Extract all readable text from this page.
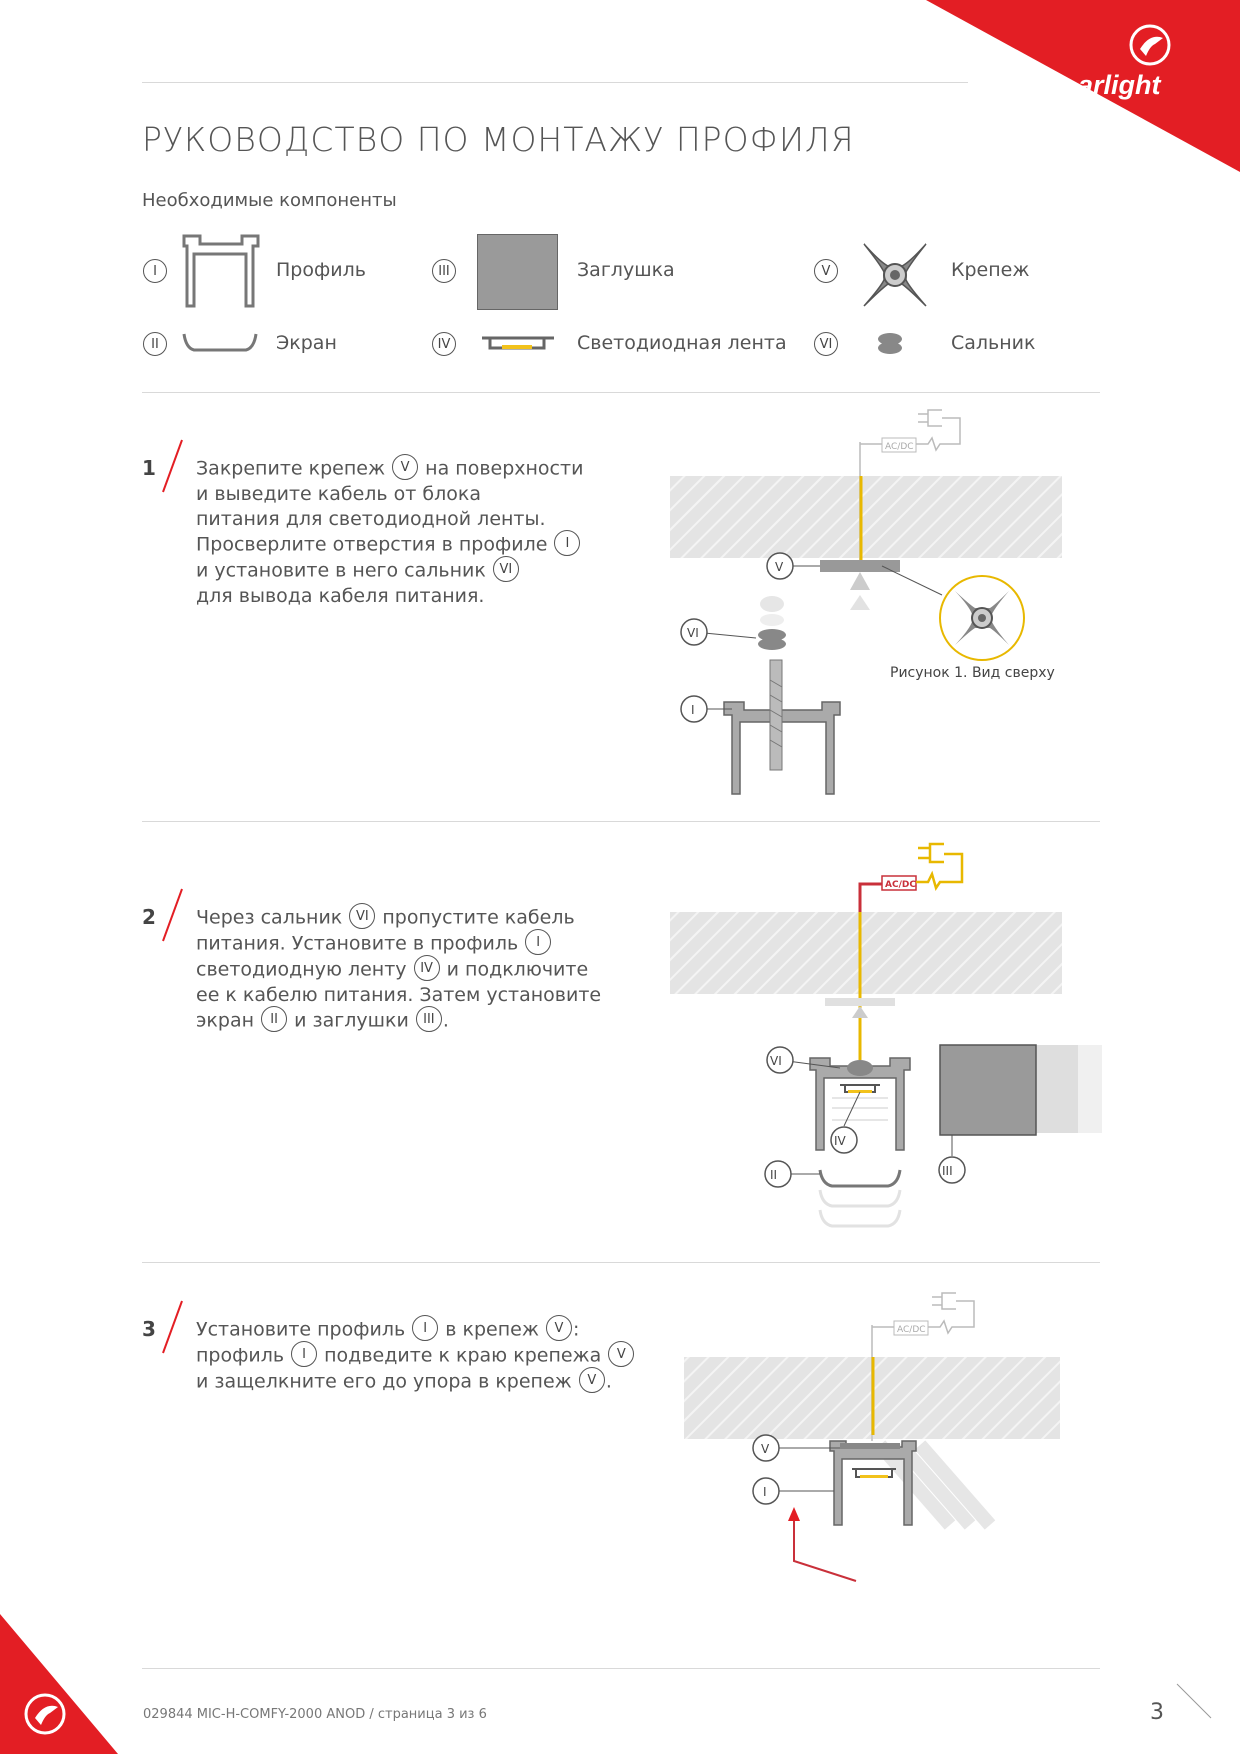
arlight
РУКОВОДСТВО ПО МОНТАЖУ ПРОФИЛЯ
Необходимые компоненты
I	Профиль
II	Экран
III	Заглушка
IV	Светодиодная лента
V	Крепеж
VI	Сальник
1 Закрепите крепеж V на поверхности
и выведите кабель от блока
питания для светодиодной ленты.
Просверлите отверстия в профиле I
и установите в него сальник VI
для вывода кабеля питания.
AC/DC
V
Рисунок 1. Вид сверху
VI
I
2 Через сальник VI пропустите кабель
питания. Установите в профиль I
светодиодную ленту IV и подключите
ее к кабелю питания. Затем установите
экран II и заглушки III .
AC/DC
VI
IV
II	III
3 Установите профиль I в крепеж V :
профиль I подведите к краю крепежа V
и защелкните его до упора в крепеж V .
AC/DC
V
I
029844 MIC-H-COMFY-2000 ANOD / страница 3 из 6	3
